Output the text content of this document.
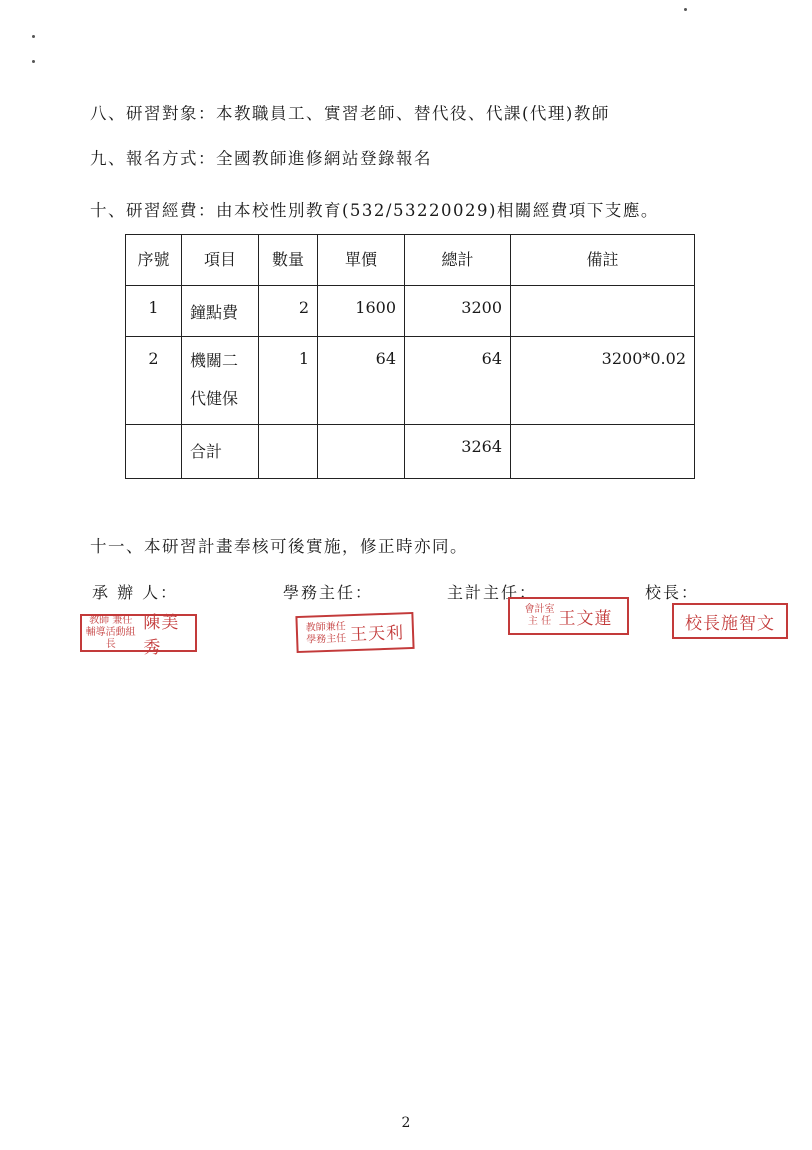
八、研習對象：本教職員工、實習老師、替代役、代課(代理)教師
九、報名方式：全國教師進修網站登錄報名
十、研習經費：由本校性別教育(532/53220029)相關經費項下支應。
序號	項目	數量	單價	總計	備註
1	鐘點費	2	1600	3200	
2	機關二
代健保	1	64	64	3200*0.02
	合計			3264	
十一、本研習計畫奉核可後實施，修正時亦同。
承 辦 人：	學務主任：	主計主任：	校長：
教師 兼任
輔導活動組長
陳美秀
教師兼任
學務主任 王天利
會計室
主 任 王文蓮	校長施智文
2
